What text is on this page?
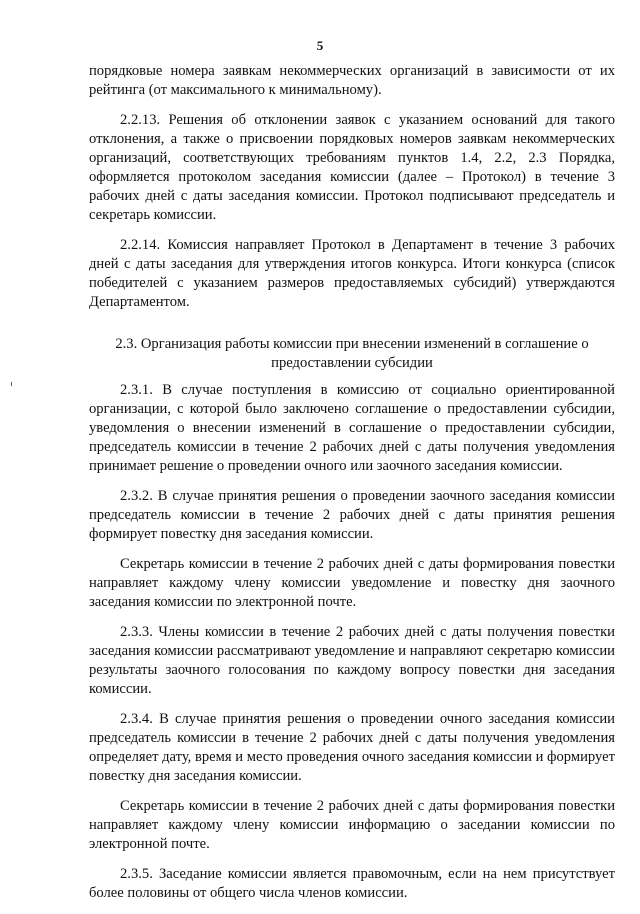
5

порядковые номера заявкам некоммерческих организаций в зависимости от их рейтинга (от максимального к минимальному).

2.2.13. Решения об отклонении заявок с указанием оснований для такого отклонения, а также о присвоении порядковых номеров заявкам некоммерческих организаций, соответствующих требованиям пунктов 1.4, 2.2, 2.3 Порядка, оформляется протоколом заседания комиссии (далее – Протокол) в течение 3 рабочих дней с даты заседания комиссии. Протокол подписывают председатель и секретарь комиссии.

2.2.14. Комиссия направляет Протокол в Департамент в течение 3 рабочих дней с даты заседания для утверждения итогов конкурса. Итоги конкурса (список победителей с указанием размеров предоставляемых субсидий) утверждаются Департаментом.

2.3. Организация работы комиссии при внесении изменений в соглашение о предоставлении субсидии

2.3.1. В случае поступления в комиссию от социально ориентированной организации, с которой было заключено соглашение о предоставлении субсидии, уведомления о внесении изменений в соглашение о предоставлении субсидии, председатель комиссии в течение 2 рабочих дней с даты получения уведомления принимает решение о проведении очного или заочного заседания комиссии.

2.3.2. В случае принятия решения о проведении заочного заседания комиссии председатель комиссии в течение 2 рабочих дней с даты принятия решения формирует повестку дня заседания комиссии.

Секретарь комиссии в течение 2 рабочих дней с даты формирования повестки направляет каждому члену комиссии уведомление и повестку дня заочного заседания комиссии по электронной почте.

2.3.3. Члены комиссии в течение 2 рабочих дней с даты получения повестки заседания комиссии рассматривают уведомление и направляют секретарю комиссии результаты заочного голосования по каждому вопросу повестки дня заседания комиссии.

2.3.4. В случае принятия решения о проведении очного заседания комиссии председатель комиссии в течение 2 рабочих дней с даты получения уведомления определяет дату, время и место проведения очного заседания комиссии и формирует повестку дня заседания комиссии.

Секретарь комиссии в течение 2 рабочих дней с даты формирования повестки направляет каждому члену комиссии информацию о заседании комиссии по электронной почте.

2.3.5. Заседание комиссии является правомочным, если на нем присутствует более половины от общего числа членов комиссии.
